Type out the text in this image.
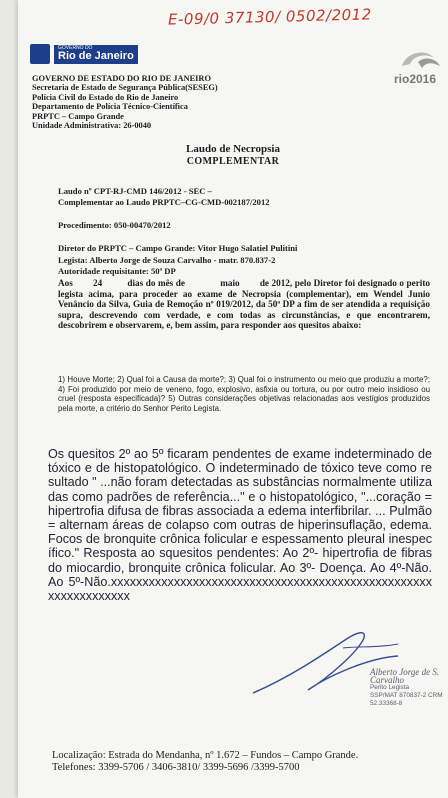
E-09/0 37130/ 0502/2012
GOVERNO DO
Rio de Janeiro
rio2016
GOVERNO DE ESTADO DO RIO DE JANEIRO
Secretaria de Estado de Segurança Pública(SESEG)
Polícia Civil do Estado do Rio de Janeiro
Departamento de Polícia Técnico-Científica
PRPTC – Campo Grande
Unidade Administrativa: 26-0040
Laudo de Necropsia
COMPLEMENTAR
Laudo nº CPT-RJ-CMD 146/2012 - SEC –
Complementar ao Laudo PRPTC–CG-CMD-002187/2012
Procedimento: 050-00470/2012
Diretor do PRPTC – Campo Grande: Vitor Hugo Salatiel Pulitini
Legista: Alberto Jorge de Souza Carvalho - matr. 870.837-2
Autoridade requisitante: 50ª DP
Aos        24          dias do mês de              maio        de 2012, pelo Diretor foi designado o perito legista acima, para proceder ao exame de Necropsia (complementar), em Wendel Junio Venâncio da Silva, Guia de Remoção nº 019/2012, da 50ª DP a fim de ser atendida a requisição supra, descrevendo com verdade, e com todas as circunstâncias, e que encontrarem, descobrirem e observarem, e, bem assim, para responder aos quesitos abaixo:
1) Houve Morte; 2) Qual foi a Causa da morte?; 3) Qual foi o instrumento ou meio que produziu a morte?; 4) Foi produzido por meio de veneno, fogo, explosivo, asfixia ou tortura, ou por outro meio insidioso ou cruel (resposta especificada)? 5) Outras considerações objetivas relacionadas aos vestígios produzidos pela morte, a critério do Senhor Perito Legista.
Os quesitos 2º ao 5º ficaram pendentes de exame indeterminado de tóxico e de histopatológico. O indeterminado de tóxico teve como resultado " ...não foram detectadas as substâncias normalmente utilizadas como padrões de referência..." e o histopatológico, "...coração = hipertrofia difusa de fibras associada a edema interfibrilar. ... Pulmão = alternam áreas de colapso com outras de hiperinsuflação, edema. Focos de bronquite crônica folicular e espessamento pleural inespecífico." Resposta ao squesitos pendentes: Ao 2º- hipertrofia de fibras do miocardio, bronquite crônica folicular. Ao 3º- Doença. Ao 4º-Não. Ao 5º-Não.xxxxxxxxxxxxxxxxxxxxxxxxxxxxxxxxxxxxxxxxxxxxxxxxxxxxxxxxxxxxxxxx
Alberto Jorge de S. Carvalho
Perito Legista
SSP/MAT 870837-2 CRM 52.33368-8
Localização: Estrada do Mendanha, nº 1.672 – Fundos – Campo Grande.
Telefones: 3399-5706 / 3406-3810/ 3399-5696 /3399-5700
